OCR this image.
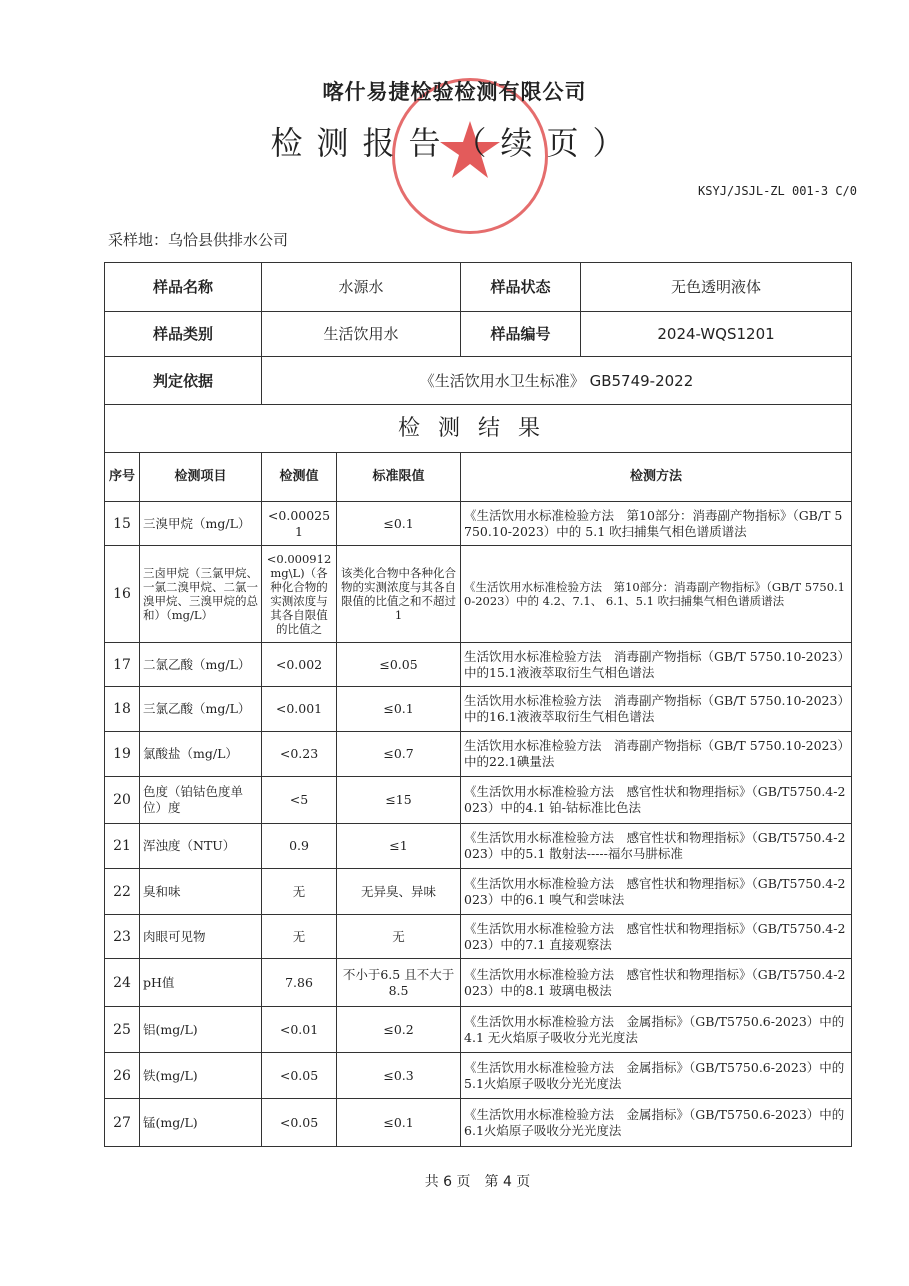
喀什易捷检验检测有限公司
检测报告（续页）
KSYJ/JSJL-ZL 001-3 C/0
采样地：乌恰县供排水公司
样品名称		水源水		样品状态	无色透明液体
样品类别		生活饮用水		样品编号	2024-WQS1201
判定依据		《生活饮用水卫生标准》 GB5749-2022			
检测结果					
序号	检测项目	检测值	标准限值	检测方法	
15	三溴甲烷（mg/L）	<0.000251	≤0.1	《生活饮用水标准检验方法　第10部分：消毒副产物指标》（GB/T 5750.10-2023）中的 5.1 吹扫捕集气相色谱质谱法	
16	三卤甲烷（三氯甲烷、一氯二溴甲烷、二氯一溴甲烷、三溴甲烷的总和）（mg/L）	<0.000912mg\L)（各种化合物的实测浓度与其各自限值的比值之	该类化合物中各种化合物的实测浓度与其各自限值的比值之和不超过1	《生活饮用水标准检验方法　第10部分：消毒副产物指标》（GB/T 5750.10-2023）中的 4.2、7.1、 6.1、5.1 吹扫捕集气相色谱质谱法	
17	二氯乙酸（mg/L）	<0.002	≤0.05	生活饮用水标准检验方法　消毒副产物指标（GB/T 5750.10-2023）中的15.1液液萃取衍生气相色谱法	
18	三氯乙酸（mg/L）	<0.001	≤0.1	生活饮用水标准检验方法　消毒副产物指标（GB/T 5750.10-2023）中的16.1液液萃取衍生气相色谱法	
19	氯酸盐（mg/L）	<0.23	≤0.7	生活饮用水标准检验方法　消毒副产物指标（GB/T 5750.10-2023）中的22.1碘量法	
20	色度（铂钴色度单位）度	<5	≤15	《生活饮用水标准检验方法　感官性状和物理指标》（GB/T5750.4-2023）中的4.1 铂-钴标准比色法	
21	浑浊度（NTU）	0.9	≤1	《生活饮用水标准检验方法　感官性状和物理指标》（GB/T5750.4-2023）中的5.1 散射法-----福尔马肼标准	
22	臭和味	无	无异臭、异味	《生活饮用水标准检验方法　感官性状和物理指标》（GB/T5750.4-2023）中的6.1 嗅气和尝味法	
23	肉眼可见物	无	无	《生活饮用水标准检验方法　感官性状和物理指标》（GB/T5750.4-2023）中的7.1 直接观察法	
24	pH值	7.86	不小于6.5 且不大于8.5	《生活饮用水标准检验方法　感官性状和物理指标》（GB/T5750.4-2023）中的8.1 玻璃电极法	
25	铝(mg/L)	<0.01	≤0.2	《生活饮用水标准检验方法　金属指标》（GB/T5750.6-2023）中的4.1 无火焰原子吸收分光光度法	
26	铁(mg/L)	<0.05	≤0.3	《生活饮用水标准检验方法　金属指标》（GB/T5750.6-2023）中的 5.1火焰原子吸收分光光度法	
27	锰(mg/L)	<0.05	≤0.1	《生活饮用水标准检验方法　金属指标》（GB/T5750.6-2023）中的 6.1火焰原子吸收分光光度法	
共 6 页　第 4 页
